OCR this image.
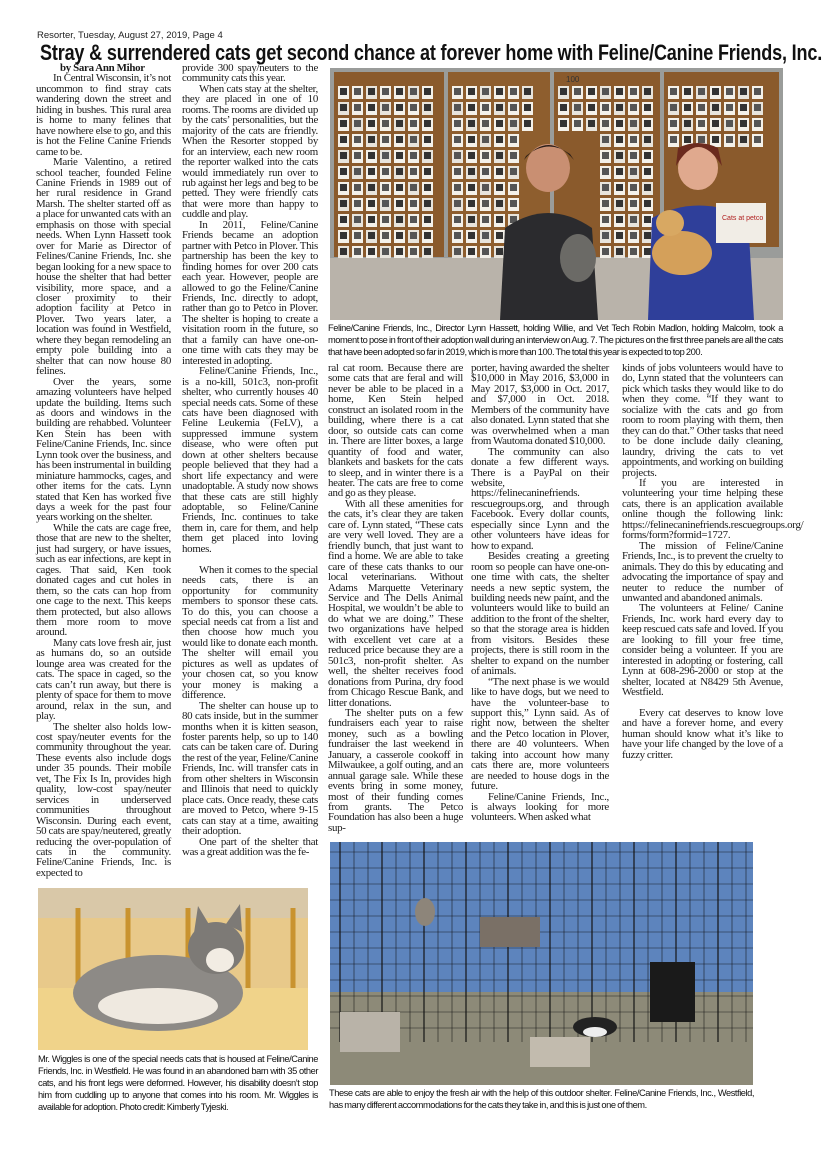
Resorter, Tuesday, August 27, 2019, Page 4
Stray & surrendered cats get second chance at forever home with Feline/Canine Friends, Inc.

by Sara Ann Mihor

In Central Wisconsin, it’s not uncommon to find stray cats wandering down the street and hiding in bushes. This rural area is home to many felines that have nowhere else to go, and this is hot the Feline Canine Friends came to be.

Marie Valentino, a retired school teacher, founded Feline Canine Friends in 1989 out of her rural residence in Grand Marsh. The shelter started off as a place for unwanted cats with an emphasis on those with special needs. When Lynn Hassett took over for Marie as Director of Felines/Canine Friends, Inc. she began looking for a new space to house the shelter that had better visibility, more space, and a closer proximity to their adoption facility at Petco in Plover. Two years later, a location was found in Westfield, where they began remodeling an empty pole building into a shelter that can now house 80 felines.

Over the years, some amazing volunteers have helped update the building. Items such as doors and windows in the building are rehabbed. Volunteer Ken Stein has been with Feline/Canine Friends, Inc. since Lynn took over the business, and has been instrumental in building miniature hammocks, cages, and other items for the cats. Lynn stated that Ken has worked five days a week for the past four years working on the shelter.

While the cats are cage free, those that are new to the shelter, just had surgery, or have issues, such as ear infections, are kept in cages. That said, Ken took donated cages and cut holes in them, so the cats can hop from one cage to the next. This keeps them protected, but also allows them more room to move around.

Many cats love fresh air, just as humans do, so an outside lounge area was created for the cats. The space in caged, so the cats can’t run away, but there is plenty of space for them to move around, relax in the sun, and play.

The shelter also holds low-cost spay/neuter events for the community throughout the year. These events also include dogs under 35 pounds. Their mobile vet, The Fix Is In, provides high quality, low-cost spay/neuter services in underserved communities throughout Wisconsin. During each event, 50 cats are spay/neutered, greatly reducing the over-population of cats in the community. Feline/Canine Friends, Inc. is expected to

provide 300 spay/neuters to the community cats this year.

When cats stay at the shelter, they are placed in one of 10 rooms. The rooms are divided up by the cats’ personalities, but the majority of the cats are friendly. When the Resorter stopped by for an interview, each new room the reporter walked into the cats would immediately run over to rub against her legs and beg to be petted. They were friendly cats that were more than happy to cuddle and play.

In 2011, Feline/Canine Friends became an adoption partner with Petco in Plover. This partnership has been the key to finding homes for over 200 cats each year. However, people are allowed to go the Feline/Canine Friends, Inc. directly to adopt, rather than go to Petco in Plover. The shelter is hoping to create a visitation room in the future, so that a family can have one-on-one time with cats they may be interested in adopting.

Feline/Canine Friends, Inc., is a no-kill, 501c3, non-profit shelter, who currently houses 40 special needs cats. Some of these cats have been diagnosed with Feline Leukemia (FeLV), a suppressed immune system disease, who were often put down at other shelters because people believed that they had a short life expectancy and were unadoptable. A study now shows that these cats are still highly adoptable, so Feline/Canine Friends, Inc. continues to take them in, care for them, and help them get placed into loving homes.

When it comes to the special needs cats, there is an opportunity for community members to sponsor these cats. To do this, you can choose a special needs cat from a list and then choose how much you would like to donate each month. The shelter will email you pictures as well as updates of your chosen cat, so you know your money is making a difference.

The shelter can house up to 80 cats inside, but in the summer months when it is kitten season, foster parents help, so up to 140 cats can be taken care of. During the rest of the year, Feline/Canine Friends, Inc. will transfer cats in from other shelters in Wisconsin and Illinois that need to quickly place cats. Once ready, these cats are moved to Petco, where 9-15 cats can stay at a time, awaiting their adoption.

One part of the shelter that was a great addition was the fe-

ral cat room. Because there are some cats that are feral and will never be able to be placed in a home, Ken Stein helped construct an isolated room in the building, where there is a cat door, so outside cats can come in. There are litter boxes, a large quantity of food and water, blankets and baskets for the cats to sleep, and in winter there is a heater. The cats are free to come and go as they please.

With all these amenities for the cats, it’s clear they are taken care of. Lynn stated, “These cats are very well loved. They are a friendly bunch, that just want to find a home. We are able to take care of these cats thanks to our local veterinarians. Without Adams Marquette Veterinary Service and The Dells Animal Hospital, we wouldn’t be able to do what we are doing.” These two organizations have helped with excellent vet care at a reduced price because they are a 501c3, non-profit shelter. As well, the shelter receives food donations from Purina, dry food from Chicago Rescue Bank, and litter donations.

The shelter puts on a few fundraisers each year to raise money, such as a bowling fundraiser the last weekend in January, a casserole cookoff in Milwaukee, a golf outing, and an annual garage sale. While these events bring in some money, most of their funding comes from grants. The Petco Foundation has also been a huge sup-

porter, having awarded the shelter $10,000 in May 2016, $3,000 in May 2017, $3,000 in Oct. 2017, and $7,000 in Oct. 2018. Members of the community have also donated. Lynn stated that she was overwhelmed when a man from Wautoma donated $10,000.

The community can also donate a few different ways. There is a PayPal on their website, https://felinecaninefriends. rescuegroups.org, and through Facebook. Every dollar counts, especially since Lynn and the other volunteers have ideas for how to expand.

Besides creating a greeting room so people can have one-on-one time with cats, the shelter needs a new septic system, the building needs new paint, and the volunteers would like to build an addition to the front of the shelter, so that the storage area is hidden from visitors. Besides these projects, there is still room in the shelter to expand on the number of animals.

“The next phase is we would like to have dogs, but we need to have the volunteer-base to support this,” Lynn said. As of right now, between the shelter and the Petco location in Plover, there are 40 volunteers. When taking into account how many cats there are, more volunteers are needed to house dogs in the future.

Feline/Canine Friends, Inc., is always looking for more volunteers. When asked what

kinds of jobs volunteers would have to do, Lynn stated that the volunteers can pick which tasks they would like to do when they come. “If they want to socialize with the cats and go from room to room playing with them, then they can do that.” Other tasks that need to be done include daily cleaning, laundry, driving the cats to vet appointments, and working on building projects.

If you are interested in volunteering your time helping these cats, there is an application available online though the following link: https://felinecaninefriends.rescuegroups.org/ forms/form?formid=1727.

The mission of Feline/Canine Friends, Inc., is to prevent the cruelty to animals. They do this by educating and advocating the importance of spay and neuter to reduce the number of unwanted and abandoned animals.

The volunteers at Feline/ Canine Friends, Inc. work hard every day to keep rescued cats safe and loved. If you are looking to fill your free time, consider being a volunteer. If you are interested in adopting or fostering, call Lynn at 608-296-2000 or stop at the shelter, located at N8429 5th Avenue, Westfield.

Every cat deserves to know love and have a forever home, and every human should know what it’s like to have your life changed by the love of a fuzzy critter.

100
Cats at petco
Feline/Canine Friends, Inc., Director Lynn Hassett, holding Willie, and Vet Tech Robin Madlon, holding Malcolm, took a moment to pose in front of their adoption wall during an interview on Aug. 7. The pictures on the first three panels are all the cats that have been adopted so far in 2019, which is more than 100. The total this year is expected to top 200.
Mr. Wiggles is one of the special needs cats that is housed at Feline/Canine Friends, Inc. in Westfield. He was found in an abandoned barn with 35 other cats, and his front legs were deformed. However, his disability doesn’t stop him from cuddling up to anyone that comes into his room. Mr. Wiggles is available for adoption. Photo credit: Kimberly Tyjeski.
These cats are able to enjoy the fresh air with the help of this outdoor shelter. Feline/Canine Friends, Inc., Westfield, has many different accommodations for the cats they take in, and this is just one of them.
